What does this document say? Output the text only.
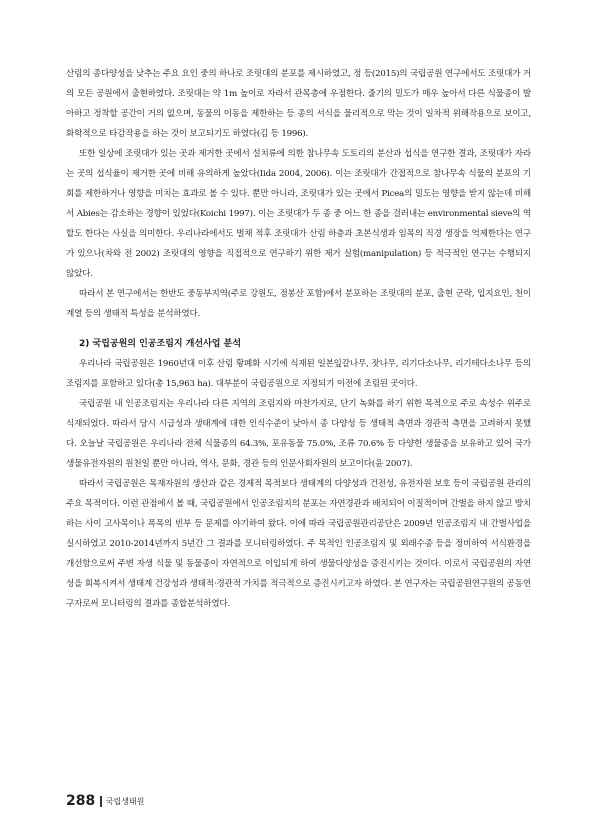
산림의 종다양성을 낮추는 주요 요인 중의 하나로 조릿대의 분포를 제시하였고, 정 등(2015)의 국립공원 연구에서도 조릿대가 거의 모든 공원에서 출현하였다. 조릿대는 약 1m 높이로 자라서 관목층에 우점한다. 줄기의 밀도가 매우 높아서 다른 식물종이 발아하고 정착할 공간이 거의 없으며, 동물의 이동을 제한하는 등 종의 서식을 물리적으로 막는 것이 일차적 위해작용으로 보이고, 화학적으로 타감작용을 하는 것이 보고되기도 하였다(김 등 1996).

또한 일상에 조릿대가 있는 곳과 제거한 곳에서 설치류에 의한 참나무속 도토리의 분산과 섭식을 연구한 결과, 조릿대가 자라는 곳의 섭식율이 제거한 곳에 비해 유의하게 높았다(Iida 2004, 2006). 이는 조릿대가 간접적으로 참나무속 식물의 분포의 기회를 제한하거나 영향을 미치는 효과로 볼 수 있다. 뿐만 아니라, 조릿대가 있는 곳에서 Picea의 밀도는 영향을 받지 않는데 비해서 Abies는 감소하는 경향이 있었다(Koichi 1997). 이는 조릿대가 두 종 중 어느 한 종을 걸러내는 environmental sieve의 역할도 한다는 사실을 의미한다. 우리나라에서도 벌채 적후 조릿대가 산림 하층과 초본식생과 임목의 직경 생장을 억제한다는 연구가 있으나(차와 전 2002) 조릿대의 영향을 직접적으로 연구하기 위한 제거 실험(manipulation) 등 적극적인 연구는 수행되지 않았다.

따라서 본 연구에서는 한반도 중동부지역(주로 강원도, 점봉산 포함)에서 분포하는 조릿대의 분포, 출현 군락, 입지요인, 천이계열 등의 생태적 특성을 분석하였다.

2) 국립공원의 인공조림지 개선사업 분석

우리나라 국립공원은 1960년대 이후 산림 황폐화 시기에 식재된 일본잎갈나무, 잣나무, 리기다소나무, 리기테다소나무 등의 조림지를 포함하고 있다(총 15,963 ha). 대부분이 국립공원으로 지정되기 이전에 조림된 곳이다.

국립공원 내 인공조림지는 우리나라 다른 지역의 조림지와 마찬가지로, 단기 녹화를 하기 위한 목적으로 주로 속성수 위주로 식재되었다. 따라서 당시 시급성과 생태계에 대한 인식수준이 낮아서 종 다양성 등 생태적 측면과 경관적 측면을 고려하지 못했다. 오늘날 국립공원은 우리나라 전체 식물종의 64.3%, 포유동물 75.0%, 조류 70.6% 등 다양한 생물종을 보유하고 있어 국가 생물유전자원의 원천일 뿐만 아니라, 역사, 문화, 경관 등의 인문사회자원의 보고이다(윤 2007).

따라서 국립공원은 목재자원의 생산과 같은 경제적 목적보다 생태계의 다양성과 건전성, 유전자원 보호 등이 국립공원 관리의 주요 목적이다. 이런 관점에서 볼 때, 국립공원에서 인공조림지의 분포는 자연경관과 배치되어 이질적이며 간벌을 하지 않고 방치하는 사이 고사목이나 폭목의 빈부 등 문제를 야기하여 왔다. 이에 따라 국립공원관리공단은 2009년 인공조림지 내 간벌사업을 실시하였고 2010-2014년까지 5년간 그 결과를 모니터링하였다. 주 목적인 인공조림지 및 외래수종 등을 정비하여 서식환경을 개선함으로써 주변 자생 식물 및 동물종이 자연적으로 이입되게 하여 생물다양성을 증진시키는 것이다. 이로서 국립공원의 자연성을 회복시켜서 생태계 건강성과 생태적·경관적 가치를 적극적으로 증진시키고자 하였다. 본 연구자는 국립공원연구원의 공동연구자로써 모니터링의 결과를 종합분석하였다.

288 국립생태원
